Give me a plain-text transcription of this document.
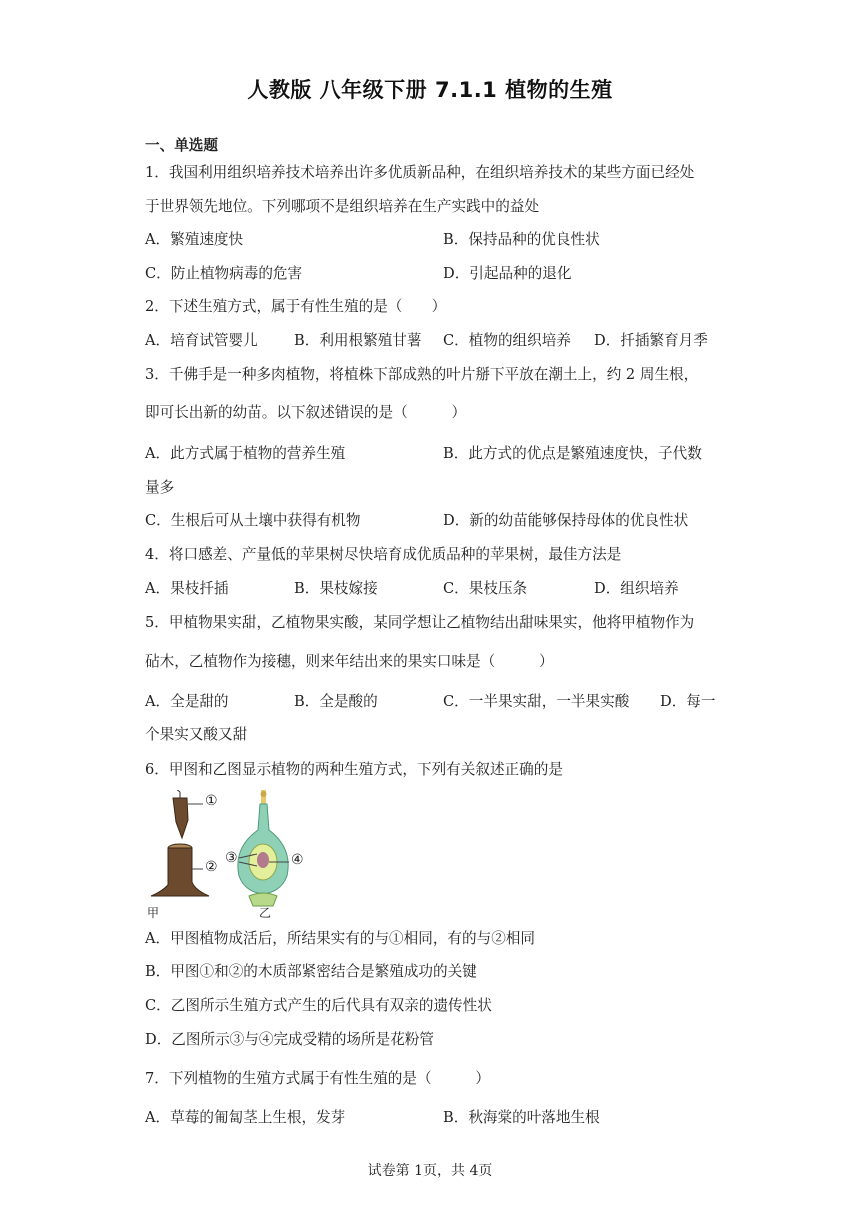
人教版 八年级下册 7.1.1 植物的生殖
一、单选题
1．我国利用组织培养技术培养出许多优质新品种，在组织培养技术的某些方面已经处
于世界领先地位。下列哪项不是组织培养在生产实践中的益处
A．繁殖速度快	B．保持品种的优良性状
C．防止植物病毒的危害	D．引起品种的退化
2．下述生殖方式，属于有性生殖的是（　　）
A．培育试管婴儿 B．利用根繁殖甘薯 C．植物的组织培养 D．扦插繁育月季
3．千佛手是一种多肉植物，将植株下部成熟的叶片掰下平放在潮土上，约 2 周生根，
即可长出新的幼苗。以下叙述错误的是（　　　）
A．此方式属于植物的营养生殖	B．此方式的优点是繁殖速度快，子代数
量多
C．生根后可从土壤中获得有机物	D．新的幼苗能够保持母体的优良性状
4．将口感差、产量低的苹果树尽快培育成优质品种的苹果树，最佳方法是
A．果枝扦插	B．果枝嫁接	C．果枝压条	D．组织培养
5．甲植物果实甜，乙植物果实酸，某同学想让乙植物结出甜味果实，他将甲植物作为
砧木，乙植物作为接穗，则来年结出来的果实口味是（　　　）
A．全是甜的	B．全是酸的	C．一半果实甜，一半果实酸 D．每一
个果实又酸又甜
6．甲图和乙图显示植物的两种生殖方式，下列有关叙述正确的是
①
②
③	④
甲	乙
A．甲图植物成活后，所结果实有的与①相同，有的与②相同
B．甲图①和②的木质部紧密结合是繁殖成功的关键
C．乙图所示生殖方式产生的后代具有双亲的遗传性状
D．乙图所示③与④完成受精的场所是花粉管
7．下列植物的生殖方式属于有性生殖的是（　　　）
A．草莓的匍匐茎上生根，发芽	B．秋海棠的叶落地生根
试卷第 1页，共 4页
